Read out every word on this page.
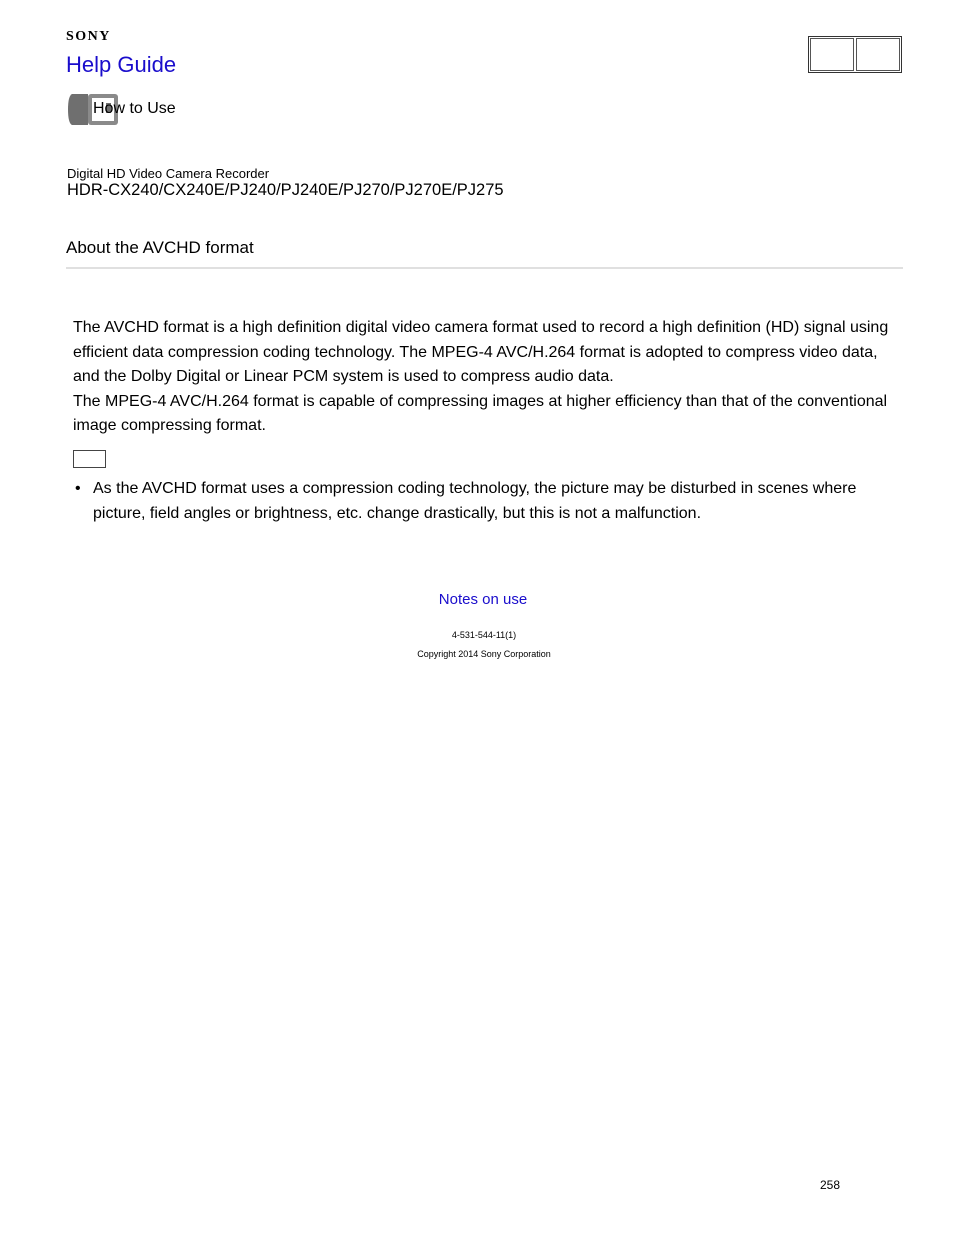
SONY
Help Guide
How to Use
Digital HD Video Camera Recorder
HDR-CX240/CX240E/PJ240/PJ240E/PJ270/PJ270E/PJ275
About the AVCHD format

The AVCHD format is a high definition digital video camera format used to record a high definition (HD) signal using efficient data compression coding technology. The MPEG-4 AVC/H.264 format is adopted to compress video data, and the Dolby Digital or Linear PCM system is used to compress audio data.

The MPEG-4 AVC/H.264 format is capable of compressing images at higher efficiency than that of the conventional image compressing format.

• As the AVCHD format uses a compression coding technology, the picture may be disturbed in scenes where picture, field angles or brightness, etc. change drastically, but this is not a malfunction.
Notes on use
4-531-544-11(1)
Copyright 2014 Sony Corporation
258
